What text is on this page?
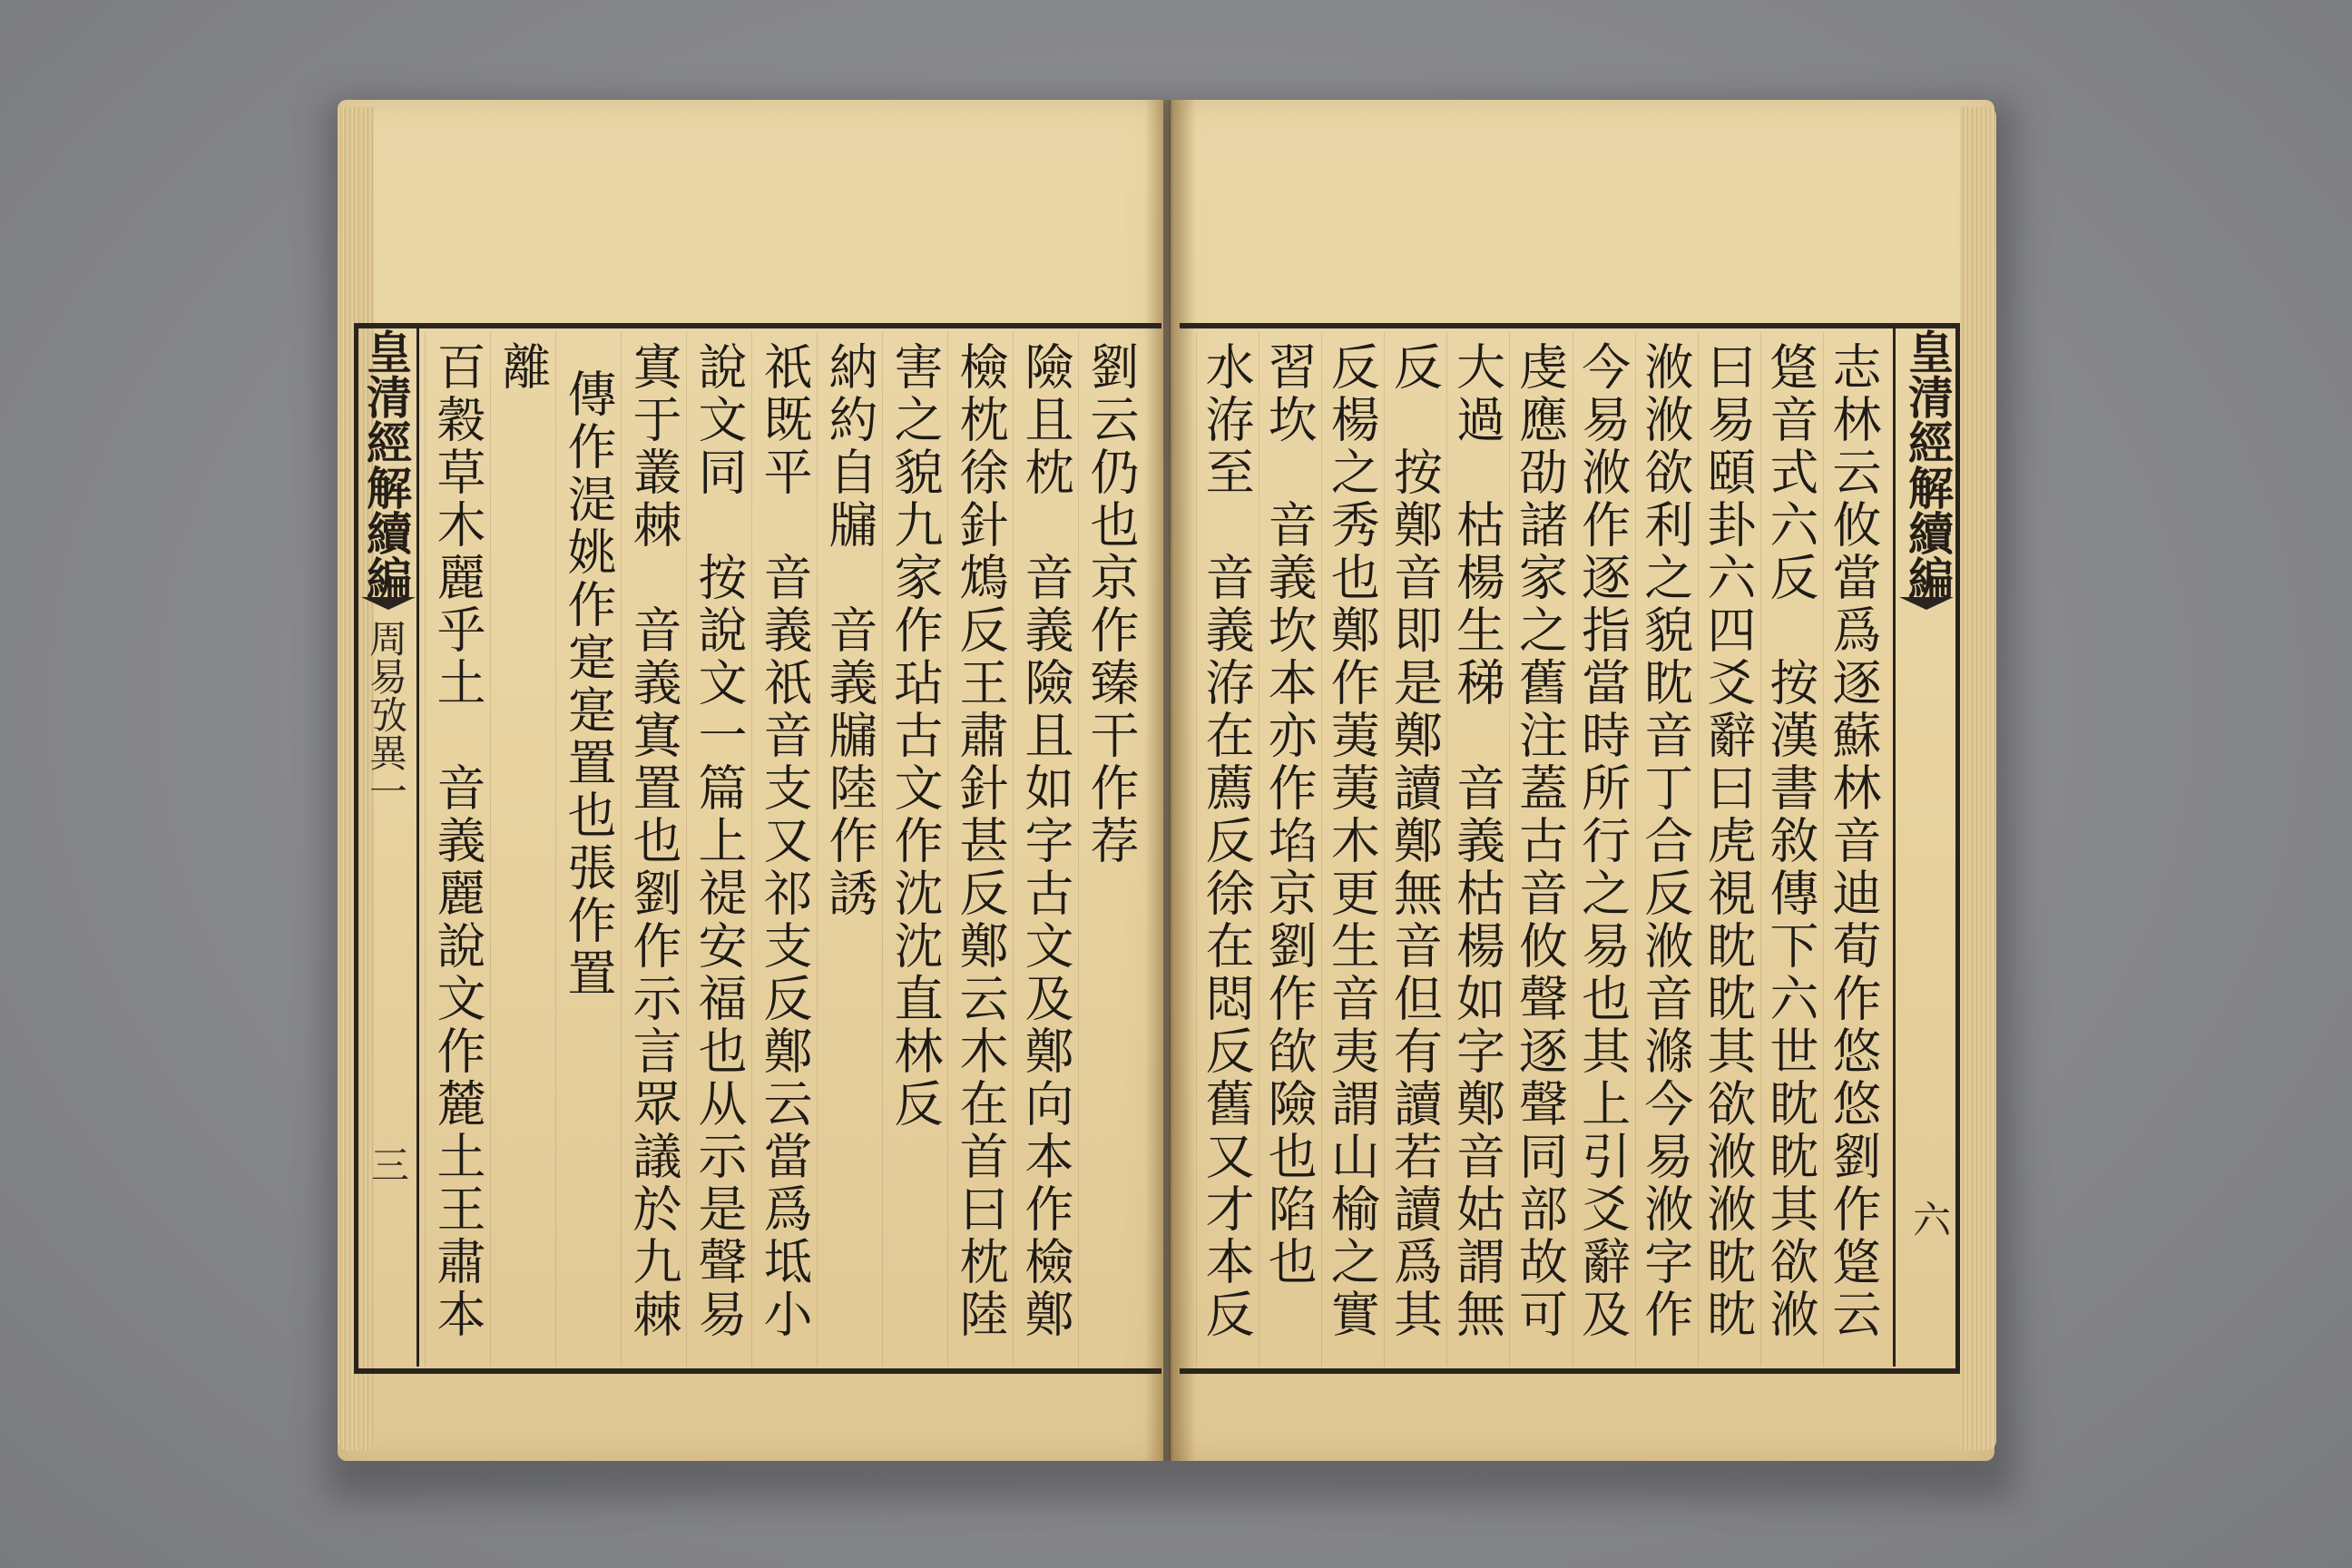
皇清經解續編
周易攷異一
三
皇清經解續編
六
劉云仍也京作臻干作荐
險且枕　音義險且如字古文及鄭向本作檢鄭
檢枕徐針鴆反王肅針甚反鄭云木在首曰枕陸
害之貌九家作玷古文作沈沈直林反
納約自牖　音義牖陸作誘
祇既平　音義祇音支又祁支反鄭云當爲坻小
說文同　按說文一篇上禔安福也从示是聲易
寘于叢棘　音義寘置也劉作示言眾議於九棘
傳作湜姚作寔寔置也張作置
離
百穀草木麗乎土　音義麗說文作麓土王肅本　
志林云攸當爲逐蘇林音迪荀作悠悠劉作跾云
跾音式六反　按漢書敘傳下六世眈眈其欲浟
曰易頤卦六四爻辭曰虎視眈眈其欲浟浟眈眈
浟浟欲利之貌眈音丁合反浟音滌今易浟字作
今易浟作逐指當時所行之易也其上引爻辭及
虔應劭諸家之舊注蓋古音攸聲逐聲同部故可
大過　枯楊生稊　音義枯楊如字鄭音姑謂無
反　按鄭音即是鄭讀鄭無音但有讀若讀爲其　
反楊之秀也鄭作荑荑木更生音夷謂山榆之實
習坎　音義坎本亦作埳京劉作欿險也陷也
水洊至　音義洊在薦反徐在悶反舊又才本反
